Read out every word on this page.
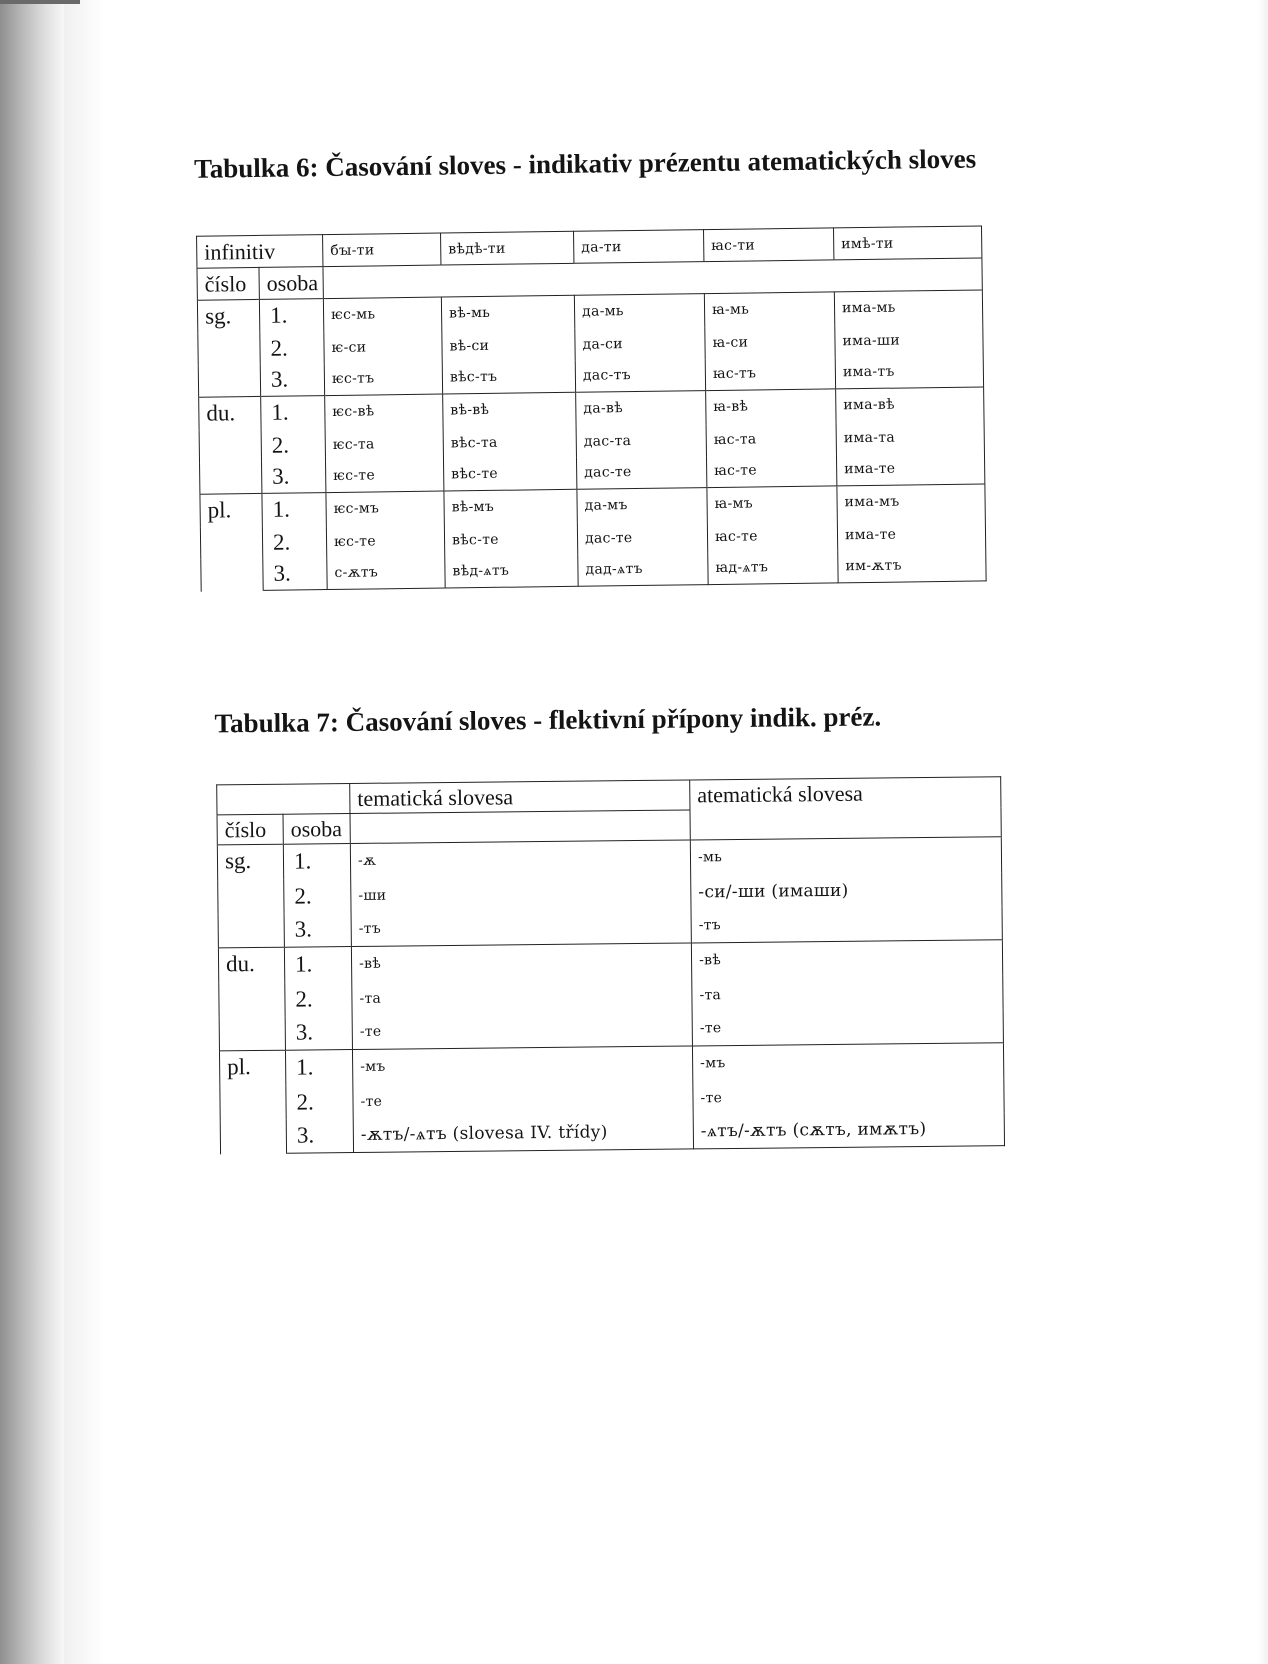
Tabulka 6: Časování sloves - indikativ prézentu atematických sloves
infinitiv		бꙑ-ти	вѣдѣ-ти	да-ти	ꙗс-ти	имѣ-ти
číslo	osoba					
sg.	1.	ѥс-мь	вѣ-мь	да-мь	ꙗ-мь	има-мь
	2.	ѥ-си	вѣ-си	да-си	ꙗ-си	има-ши
	3.	ѥс-тъ	вѣс-тъ	дас-тъ	ꙗс-тъ	има-тъ
du.	1.	ѥс-вѣ	вѣ-вѣ	да-вѣ	ꙗ-вѣ	има-вѣ
	2.	ѥс-та	вѣс-та	дас-та	ꙗс-та	има-та
	3.	ѥс-те	вѣс-те	дас-те	ꙗс-те	има-те
pl.	1.	ѥс-мъ	вѣ-мъ	да-мъ	ꙗ-мъ	има-мъ
	2.	ѥс-те	вѣс-те	дас-те	ꙗс-те	има-те
	3.	с-ѫтъ	вѣд-ѧтъ	дад-ѧтъ	ꙗд-ѧтъ	им-ѫтъ
Tabulka 7: Časování sloves - flektivní přípony indik. préz.
		tematická slovesa	atematická slovesa
číslo	osoba		
sg.	1.	-ѫ	-мь
	2.	-ши	-си/-ши (имаши)
	3.	-тъ	-тъ
du.	1.	-вѣ	-вѣ
	2.	-та	-та
	3.	-те	-те
pl.	1.	-мъ	-мъ
	2.	-те	-те
	3.	-ѫтъ/-ѧтъ (slovesa IV. třídy)	-ѧтъ/-ѫтъ (сѫтъ, имѫтъ)
